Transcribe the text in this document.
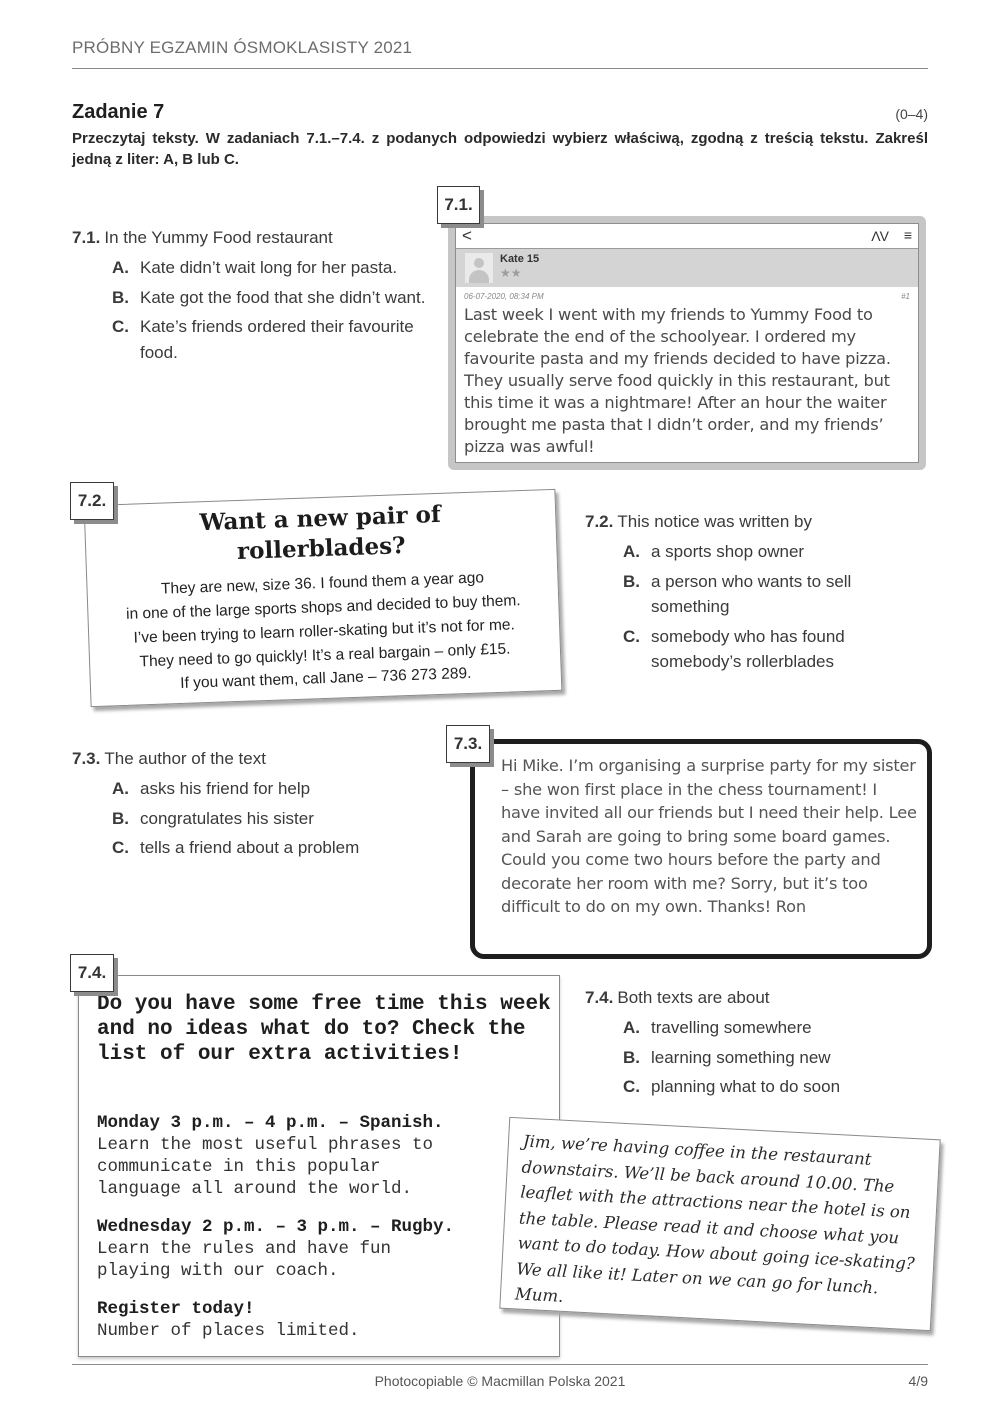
PRÓBNY EGZAMIN ÓSMOKLASISTY 2021
Zadanie 7	(0–4)
Przeczytaj teksty. W zadaniach 7.1.–7.4. z podanych odpowiedzi wybierz właściwą, zgodną z treścią tekstu. Zakreśl jedną z liter: A, B lub C.
7.1. In the Yummy Food restaurant
A. Kate didn’t wait long for her pasta.
B. Kate got the food that she didn’t want.
C. Kate’s friends ordered their favourite food.
<	ΛV ≡
Kate 15
★★
06-07-2020, 08:34 PM	#1
Last week I went with my friends to Yummy Food to celebrate the end of the schoolyear. I ordered my favourite pasta and my friends decided to have pizza. They usually serve food quickly in this restaurant, but this time it was a nightmare! After an hour the waiter brought me pasta that I didn’t order, and my friends’ pizza was awful!
7.1.
Want a new pair of rollerblades?
They are new, size 36. I found them a year ago
in one of the large sports shops and decided to buy them.
I’ve been trying to learn roller-skating but it’s not for me.
They need to go quickly! It’s a real bargain – only £15.
If you want them, call Jane – 736 273 289.
7.2.
7.2. This notice was written by
A. a sports shop owner
B. a person who wants to sell something
C. somebody who has found somebody’s rollerblades
7.3. The author of the text
A. asks his friend for help
B. congratulates his sister
C. tells a friend about a problem
Hi Mike. I’m organising a surprise party for my sister – she won first place in the chess tournament! I have invited all our friends but I need their help. Lee and Sarah are going to bring some board games. Could you come two hours before the party and decorate her room with me? Sorry, but it’s too difficult to do on my own. Thanks! Ron
7.3.
Do you have some free time this week and no ideas what do to? Check the list of our extra activities!
Monday 3 p.m. – 4 p.m. – Spanish.
Learn the most useful phrases to communicate in this popular language all around the world.
Wednesday 2 p.m. – 3 p.m. – Rugby.
Learn the rules and have fun playing with our coach.
Register today!
Number of places limited.
7.4.
7.4. Both texts are about
A. travelling somewhere
B. learning something new
C. planning what to do soon
Jim, we’re having coffee in the restaurant downstairs. We’ll be back around 10.00. The leaflet with the attractions near the hotel is on the table. Please read it and choose what you want to do today. How about going ice-skating? We all like it! Later on we can go for lunch. Mum.
Photocopiable © Macmillan Polska 2021	4/9
